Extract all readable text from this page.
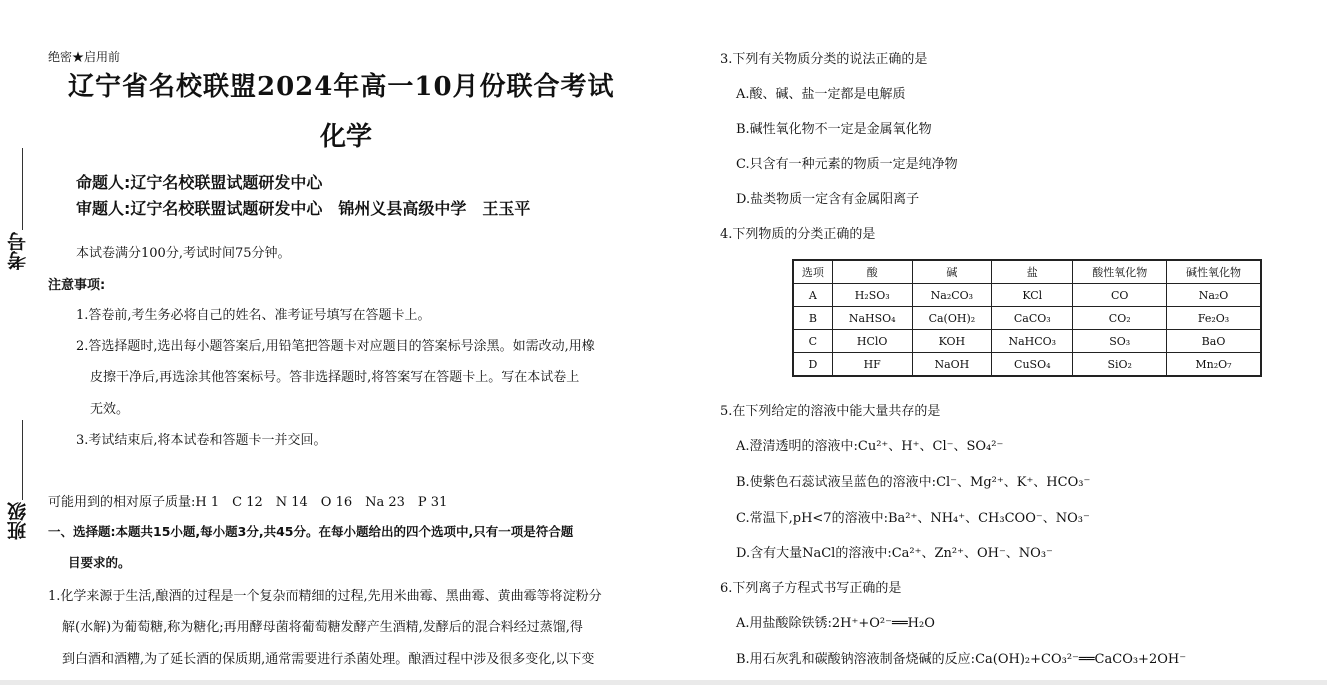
考号
班级
绝密★启用前
辽宁省名校联盟2024年高一10月份联合考试
化学
命题人:辽宁名校联盟试题研发中心
审题人:辽宁名校联盟试题研发中心　锦州义县高级中学　王玉平
本试卷满分100分,考试时间75分钟。
注意事项:
1.答卷前,考生务必将自己的姓名、准考证号填写在答题卡上。
2.答选择题时,选出每小题答案后,用铅笔把答题卡对应题目的答案标号涂黑。如需改动,用橡
皮擦干净后,再选涂其他答案标号。答非选择题时,将答案写在答题卡上。写在本试卷上
无效。
3.考试结束后,将本试卷和答题卡一并交回。
可能用到的相对原子质量:H 1　C 12　N 14　O 16　Na 23　P 31
一、选择题:本题共15小题,每小题3分,共45分。在每小题给出的四个选项中,只有一项是符合题
目要求的。
1.化学来源于生活,酿酒的过程是一个复杂而精细的过程,先用米曲霉、黑曲霉、黄曲霉等将淀粉分
解(水解)为葡萄糖,称为糖化;再用酵母菌将葡萄糖发酵产生酒精,发酵后的混合料经过蒸馏,得
到白酒和酒糟,为了延长酒的保质期,通常需要进行杀菌处理。酿酒过程中涉及很多变化,以下变
3.下列有关物质分类的说法正确的是
A.酸、碱、盐一定都是电解质
B.碱性氧化物不一定是金属氧化物
C.只含有一种元素的物质一定是纯净物
D.盐类物质一定含有金属阳离子
4.下列物质的分类正确的是
选项	酸	碱	盐	酸性氧化物	碱性氧化物
A	H₂SO₃	Na₂CO₃	KCl	CO	Na₂O
B	NaHSO₄	Ca(OH)₂	CaCO₃	CO₂	Fe₂O₃
C	HClO	KOH	NaHCO₃	SO₃	BaO
D	HF	NaOH	CuSO₄	SiO₂	Mn₂O₇
5.在下列给定的溶液中能大量共存的是
A.澄清透明的溶液中:Cu²⁺、H⁺、Cl⁻、SO₄²⁻
B.使紫色石蕊试液呈蓝色的溶液中:Cl⁻、Mg²⁺、K⁺、HCO₃⁻
C.常温下,pH<7的溶液中:Ba²⁺、NH₄⁺、CH₃COO⁻、NO₃⁻
D.含有大量NaCl的溶液中:Ca²⁺、Zn²⁺、OH⁻、NO₃⁻
6.下列离子方程式书写正确的是
A.用盐酸除铁锈:2H⁺+O²⁻══H₂O
B.用石灰乳和碳酸钠溶液制备烧碱的反应:Ca(OH)₂+CO₃²⁻══CaCO₃+2OH⁻
